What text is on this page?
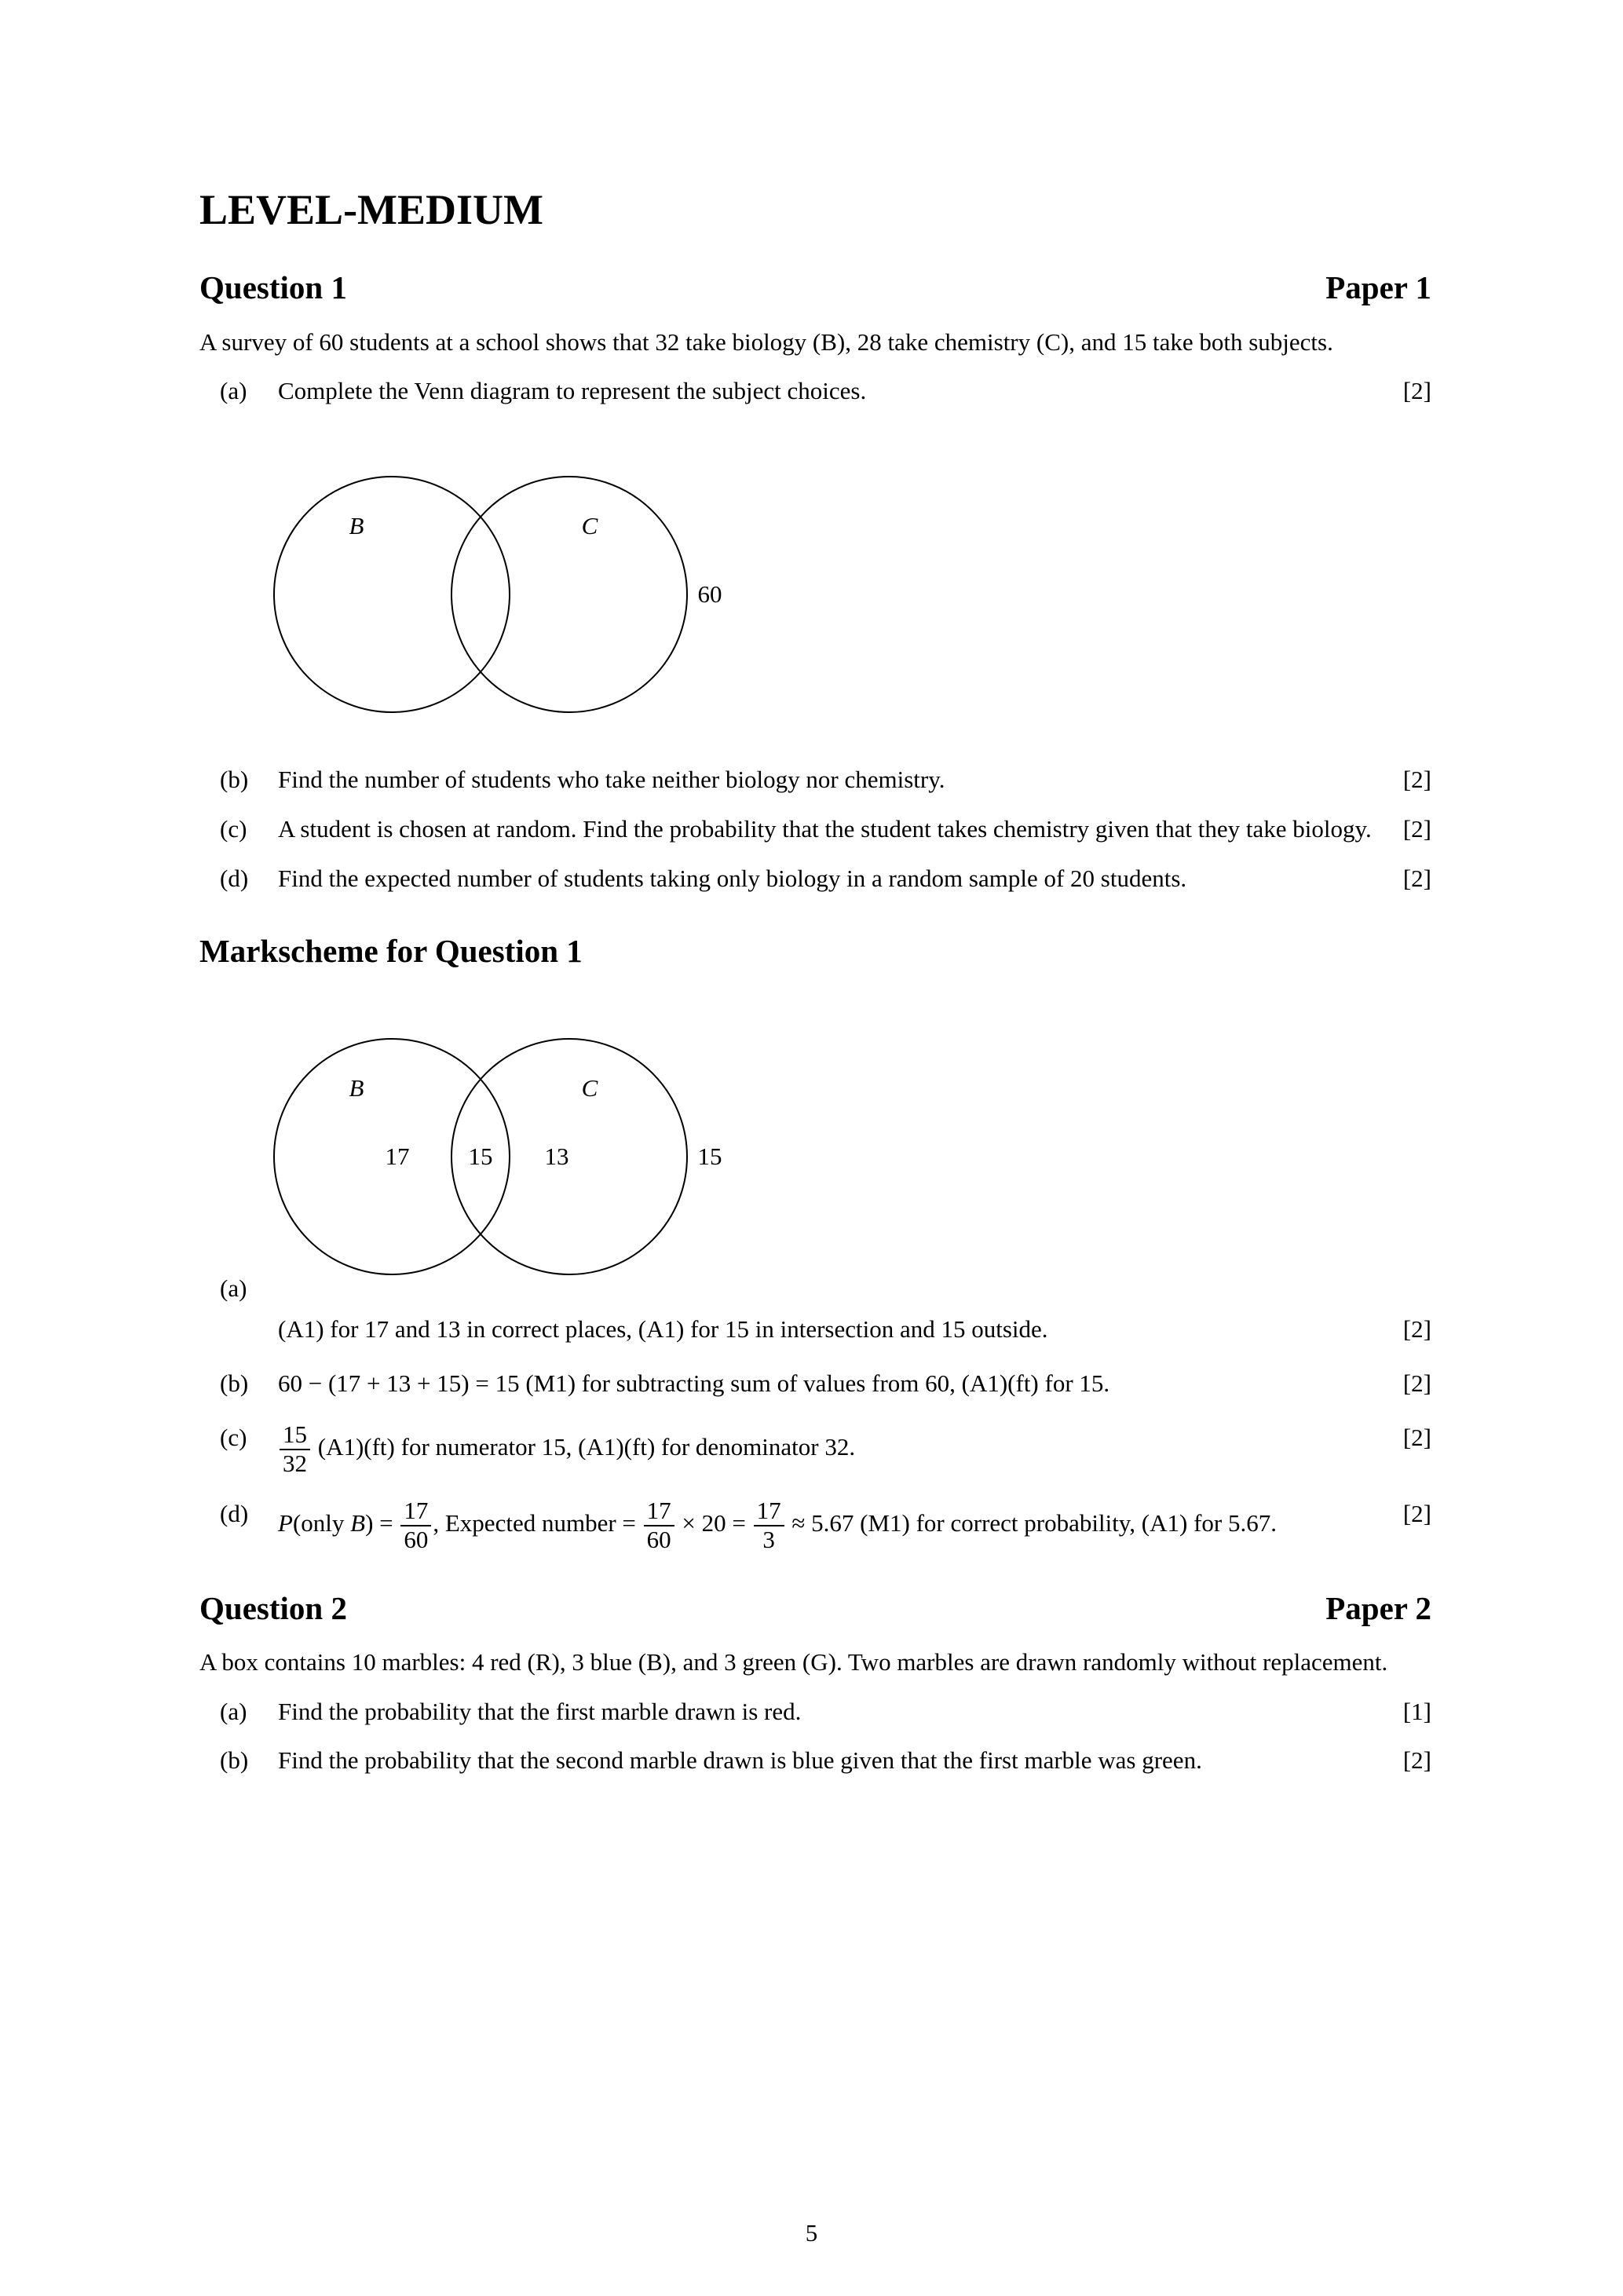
LEVEL-MEDIUM
Question 1	Paper 1

A survey of 60 students at a school shows that 32 take biology (B), 28 take chemistry (C), and 15 take both subjects.

(a)	Complete the Venn diagram to represent the subject choices.	[2]

B	C
60
(b)	Find the number of students who take neither biology nor chemistry.	[2]

(c)	A student is chosen at random. Find the probability that the student takes chemistry given that they take biology. [2]

(d)	Find the expected number of students taking only biology in a random sample of 20 students.	[2]

Markscheme for Question 1
B	C
17 15 13	15
(a)

(A1) for 17 and 13 in correct places, (A1) for 15 in intersection and 15 outside.	[2]

(b)	60 − (17 + 13 + 15) = 15 (M1) for subtracting sum of values from 60, (A1)(ft) for 15.	[2]

(c)	$\frac{15}{32} (A1)(ft)$ for numerator 15, (A1)(ft) for denominator 32.	[2]

(d)	P(only $B) = \frac{17}{60}$ , Expected number = $\frac{17}{60} \times 20 = \frac{17}{3} \approx 5.67$ (M1) for correct probability, (A1) for 5.67.	[2]

Question 2	Paper 2

A box contains 10 marbles: 4 red (R), 3 blue (B), and 3 green (G). Two marbles are drawn randomly without replacement.

(a)	Find the probability that the first marble drawn is red.	[1]

(b)	Find the probability that the second marble drawn is blue given that the first marble was green.	[2]

5
